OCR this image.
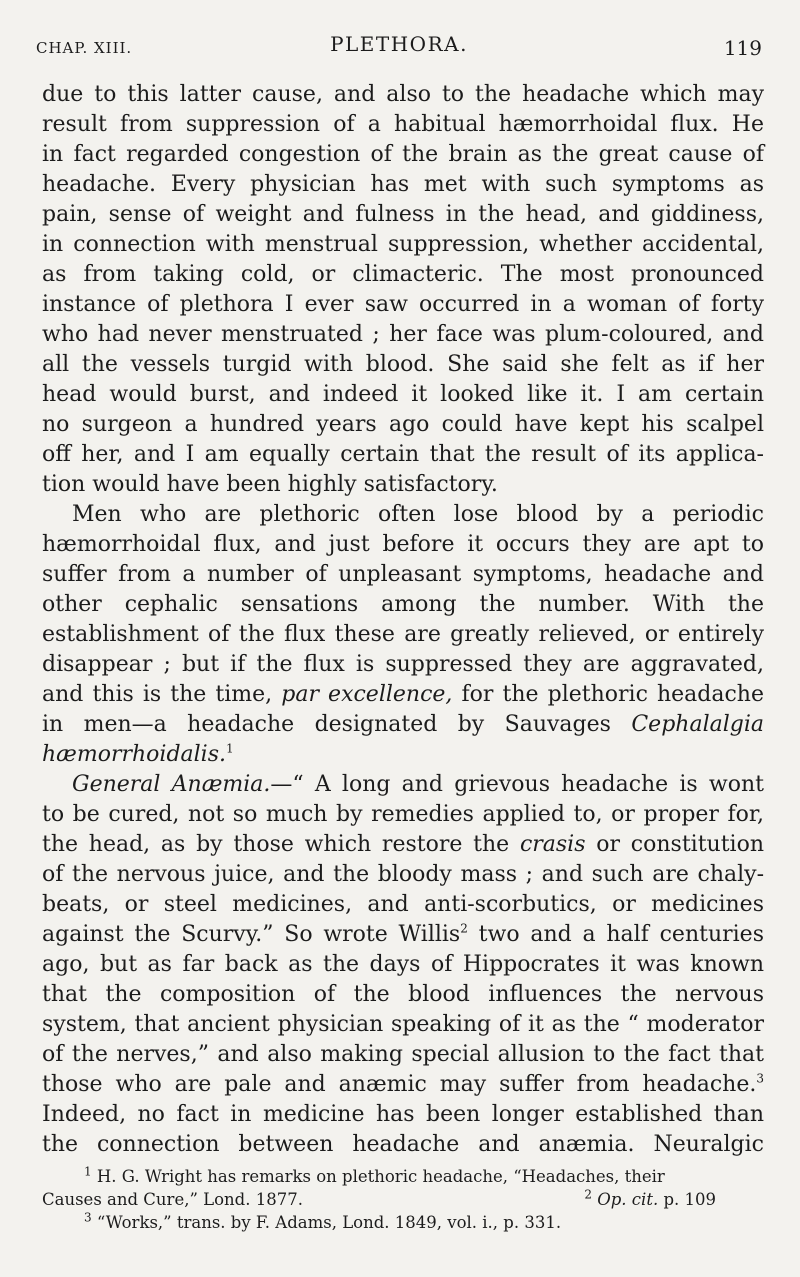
CHAP. XIII.	PLETHORA.	119
due to this latter cause, and also to the headache which may
result from suppression of a habitual hæmorrhoidal flux. He
in fact regarded congestion of the brain as the great cause of
headache. Every physician has met with such symptoms as
pain, sense of weight and fulness in the head, and giddiness,
in connection with menstrual suppression, whether accidental,
as from taking cold, or climacteric. The most pronounced
instance of plethora I ever saw occurred in a woman of forty
who had never menstruated ; her face was plum-coloured, and
all the vessels turgid with blood. She said she felt as if her
head would burst, and indeed it looked like it. I am certain
no surgeon a hundred years ago could have kept his scalpel
off her, and I am equally certain that the result of its applica-
tion would have been highly satisfactory.
Men who are plethoric often lose blood by a periodic
hæmorrhoidal flux, and just before it occurs they are apt to
suffer from a number of unpleasant symptoms, headache and
other cephalic sensations among the number. With the
establishment of the flux these are greatly relieved, or entirely
disappear ; but if the flux is suppressed they are aggravated,
and this is the time, par excellence, for the plethoric headache
in men—a headache designated by Sauvages Cephalalgia
hæmorrhoidalis.$^1$
General Anæmia.—“ A long and grievous headache is wont
to be cured, not so much by remedies applied to, or proper for,
the head, as by those which restore the crasis or constitution
of the nervous juice, and the bloody mass ; and such are chaly-
beats, or steel medicines, and anti-scorbutics, or medicines
against the Scurvy.” So wrote Willis$^2$ two and a half centuries
ago, but as far back as the days of Hippocrates it was known
that the composition of the blood influences the nervous
system, that ancient physician speaking of it as the “ moderator
of the nerves,” and also making special allusion to the fact that
those who are pale and anæmic may suffer from headache.$^3$
Indeed, no fact in medicine has been longer established than
the connection between headache and anæmia. Neuralgic
$^1$ H. G. Wright has remarks on plethoric headache, “Headaches, their
Causes and Cure,” Lond. 1877.	$^2$ Op. cit. p. 109
$^3$ “Works,” trans. by F. Adams, Lond. 1849, vol. i., p. 331.
